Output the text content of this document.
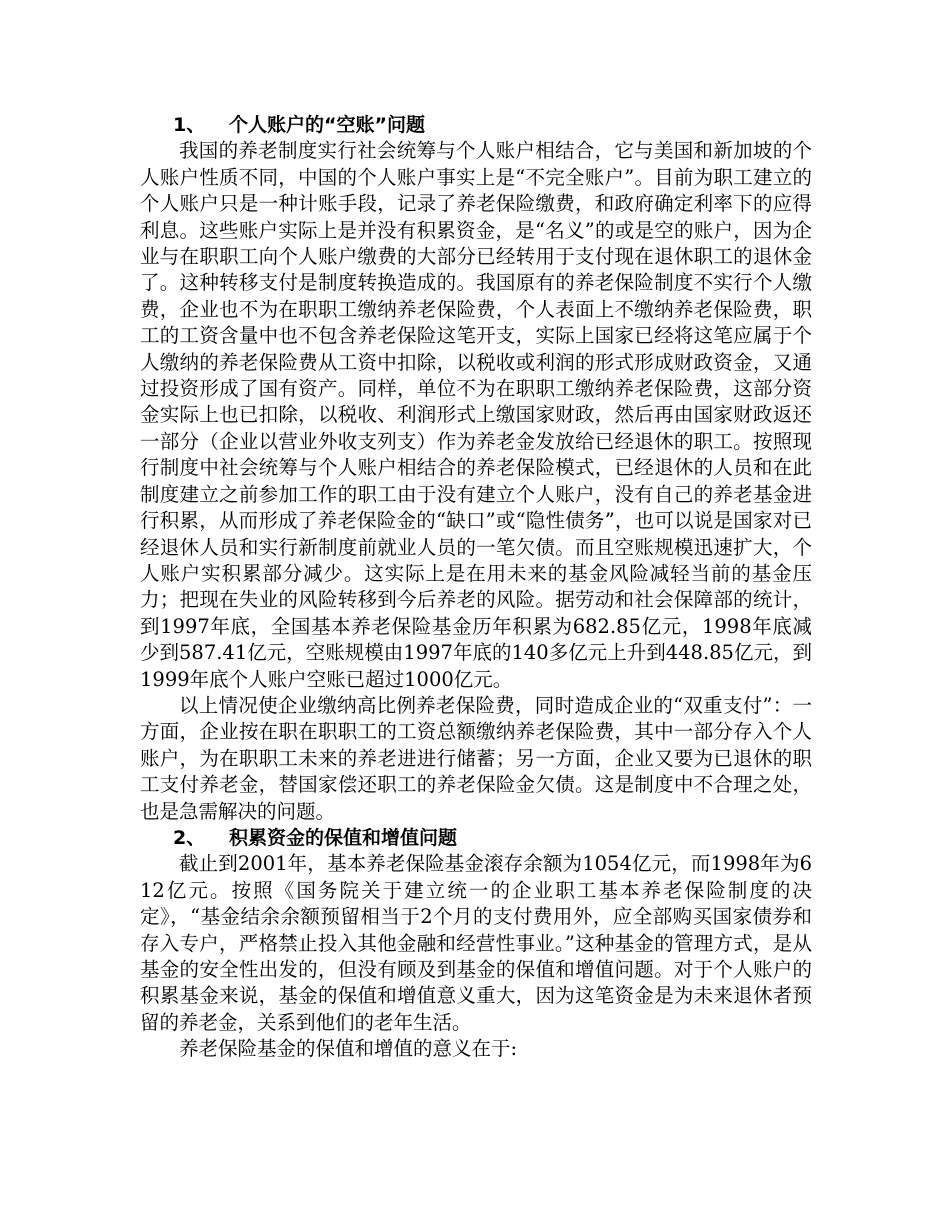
1、 个人账户的“空账”问题

我国的养老制度实行社会统筹与个人账户相结合，它与美国和新加坡的个人账户性质不同，中国的个人账户事实上是“不完全账户”。目前为职工建立的个人账户只是一种计账手段，记录了养老保险缴费，和政府确定利率下的应得利息。这些账户实际上是并没有积累资金，是“名义”的或是空的账户，因为企业与在职职工向个人账户缴费的大部分已经转用于支付现在退休职工的退休金了。这种转移支付是制度转换造成的。我国原有的养老保险制度不实行个人缴费，企业也不为在职职工缴纳养老保险费，个人表面上不缴纳养老保险费，职工的工资含量中也不包含养老保险这笔开支，实际上国家已经将这笔应属于个人缴纳的养老保险费从工资中扣除，以税收或利润的形式形成财政资金，又通过投资形成了国有资产。同样，单位不为在职职工缴纳养老保险费，这部分资金实际上也已扣除，以税收、利润形式上缴国家财政，然后再由国家财政返还一部分（企业以营业外收支列支）作为养老金发放给已经退休的职工。按照现行制度中社会统筹与个人账户相结合的养老保险模式，已经退休的人员和在此制度建立之前参加工作的职工由于没有建立个人账户，没有自己的养老基金进行积累，从而形成了养老保险金的“缺口”或“隐性债务”，也可以说是国家对已经退休人员和实行新制度前就业人员的一笔欠债。而且空账规模迅速扩大，个人账户实积累部分减少。这实际上是在用未来的基金风险减轻当前的基金压力；把现在失业的风险转移到今后养老的风险。据劳动和社会保障部的统计，到1997年底，全国基本养老保险基金历年积累为682.85亿元，1998年底减少到587.41亿元，空账规模由1997年底的140多亿元上升到448.85亿元，到1999年底个人账户空账已超过1000亿元。

以上情况使企业缴纳高比例养老保险费，同时造成企业的“双重支付”：一方面，企业按在职在职职工的工资总额缴纳养老保险费，其中一部分存入个人账户，为在职职工未来的养老进进行储蓄；另一方面，企业又要为已退休的职工支付养老金，替国家偿还职工的养老保险金欠债。这是制度中不合理之处，也是急需解决的问题。

2、 积累资金的保值和增值问题

截止到2001年，基本养老保险基金滚存余额为1054亿元，而1998年为612亿元。按照《国务院关于建立统一的企业职工基本养老保险制度的决定》，“基金结余余额预留相当于2个月的支付费用外，应全部购买国家债券和存入专户，严格禁止投入其他金融和经营性事业。”这种基金的管理方式，是从基金的安全性出发的，但没有顾及到基金的保值和增值问题。对于个人账户的积累基金来说，基金的保值和增值意义重大，因为这笔资金是为未来退休者预留的养老金，关系到他们的老年生活。

养老保险基金的保值和增值的意义在于:
